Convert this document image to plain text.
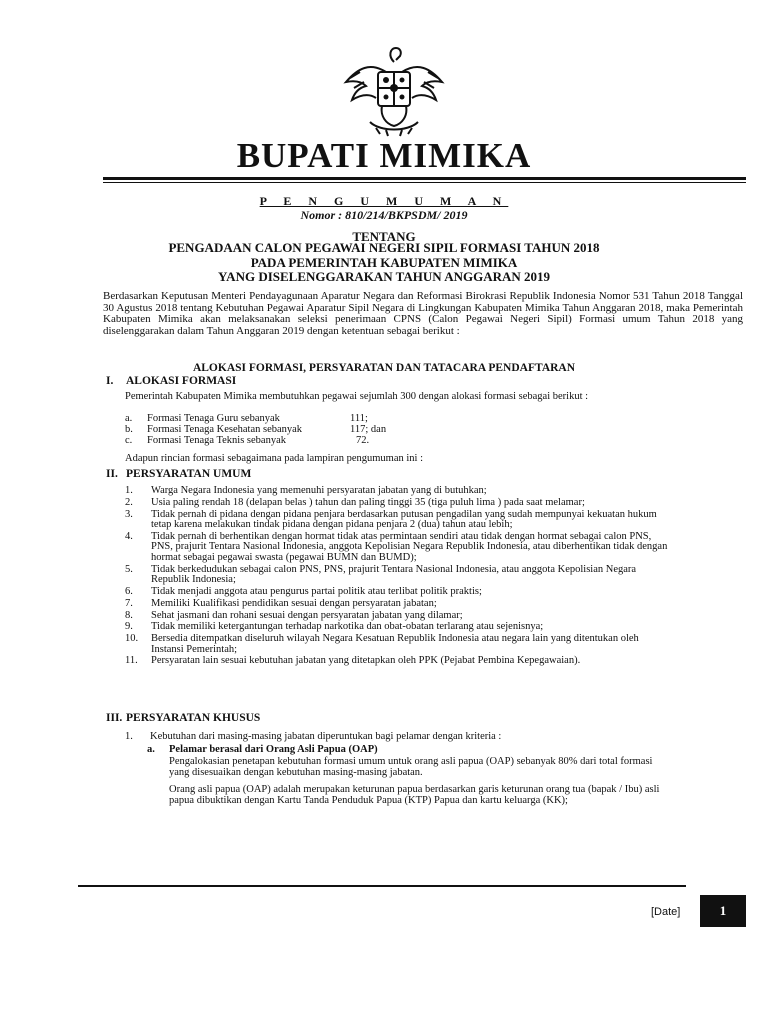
BUPATI MIMIKA
P E N G U M U M A N
Nomor : 810/214/BKPSDM/ 2019
TENTANG
PENGADAAN CALON PEGAWAI NEGERI SIPIL FORMASI TAHUN 2018
PADA PEMERINTAH KABUPATEN MIMIKA
YANG DISELENGGARAKAN TAHUN ANGGARAN 2019
Berdasarkan Keputusan Menteri Pendayagunaan Aparatur Negara dan Reformasi Birokrasi Republik Indonesia Nomor 531 Tahun 2018 Tanggal 30 Agustus 2018 tentang Kebutuhan Pegawai Aparatur Sipil Negara di Lingkungan Kabupaten Mimika Tahun Anggaran 2018, maka Pemerintah Kabupaten Mimika akan melaksanakan seleksi penerimaan CPNS (Calon Pegawai Negeri Sipil) Formasi umum Tahun 2018 yang diselenggarakan dalam Tahun Anggaran 2019 dengan ketentuan sebagai berikut :
ALOKASI FORMASI, PERSYARATAN DAN TATACARA PENDAFTARAN
I. ALOKASI FORMASI
Pemerintah Kabupaten Mimika membutuhkan pegawai sejumlah 300 dengan alokasi formasi sebagai berikut :
a. Formasi Tenaga Guru sebanyak	111;
b. Formasi Tenaga Kesehatan sebanyak	117; dan
c. Formasi Tenaga Teknis sebanyak	72.
Adapun rincian formasi sebagaimana pada lampiran pengumuman ini :
II. PERSYARATAN UMUM
1. Warga Negara Indonesia yang memenuhi persyaratan jabatan yang di butuhkan;
2. Usia paling rendah 18 (delapan belas ) tahun dan paling tinggi 35 (tiga puluh lima ) pada saat melamar;
3. Tidak pernah di pidana dengan pidana penjara berdasarkan putusan pengadilan yang sudah mempunyai kekuatan hukum tetap karena melakukan tindak pidana dengan pidana penjara 2 (dua) tahun atau lebih;
4. Tidak pernah di berhentikan dengan hormat tidak atas permintaan sendiri atau tidak dengan hormat sebagai calon PNS, PNS, prajurit Tentara Nasional Indonesia, anggota Kepolisian Negara Republik Indonesia, atau diberhentikan tidak dengan hormat sebagai pegawai swasta (pegawai BUMN dan BUMD);
5. Tidak berkedudukan sebagai calon PNS, PNS, prajurit Tentara Nasional Indonesia, atau anggota Kepolisian Negara Republik Indonesia;
6. Tidak menjadi anggota atau pengurus partai politik atau terlibat politik praktis;
7. Memiliki Kualifikasi pendidikan sesuai dengan persyaratan jabatan;
8. Sehat jasmani dan rohani sesuai dengan persyaratan jabatan yang dilamar;
9. Tidak memiliki ketergantungan terhadap narkotika dan obat-obatan terlarang atau sejenisnya;
10. Bersedia ditempatkan diseluruh wilayah Negara Kesatuan Republik Indonesia atau negara lain yang ditentukan oleh Instansi Pemerintah;
11. Persyaratan lain sesuai kebutuhan jabatan yang ditetapkan oleh PPK (Pejabat Pembina Kepegawaian).
III. PERSYARATAN KHUSUS
1. Kebutuhan dari masing-masing jabatan diperuntukan bagi pelamar dengan kriteria :
a. Pelamar berasal dari Orang Asli Papua (OAP)
Pengalokasian penetapan kebutuhan formasi umum untuk orang asli papua (OAP) sebanyak 80% dari total formasi yang disesuaikan dengan kebutuhan masing-masing jabatan.
Orang asli papua (OAP) adalah merupakan keturunan papua berdasarkan garis keturunan orang tua (bapak / Ibu) asli papua dibuktikan dengan Kartu Tanda Penduduk Papua (KTP) Papua dan kartu keluarga (KK);
[Date]	1
